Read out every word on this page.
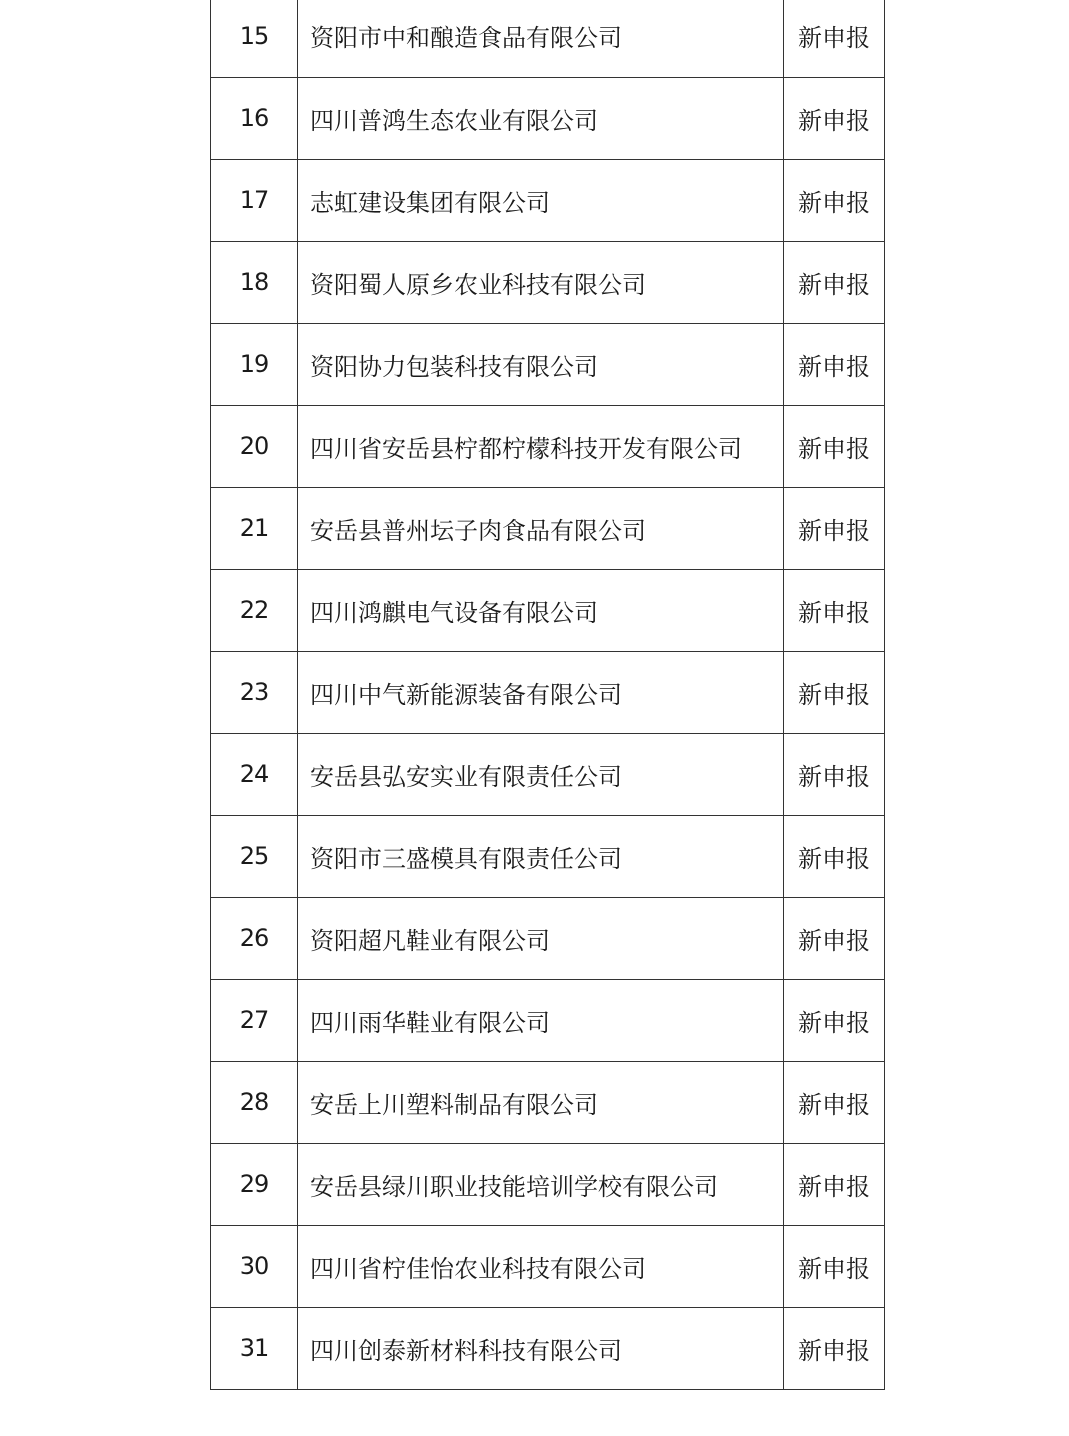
15	资阳市中和酿造食品有限公司	新申报
16	四川普鸿生态农业有限公司	新申报
17	志虹建设集团有限公司	新申报
18	资阳蜀人原乡农业科技有限公司	新申报
19	资阳协力包装科技有限公司	新申报
20	四川省安岳县柠都柠檬科技开发有限公司	新申报
21	安岳县普州坛子肉食品有限公司	新申报
22	四川鸿麒电气设备有限公司	新申报
23	四川中气新能源装备有限公司	新申报
24	安岳县弘安实业有限责任公司	新申报
25	资阳市三盛模具有限责任公司	新申报
26	资阳超凡鞋业有限公司	新申报
27	四川雨华鞋业有限公司	新申报
28	安岳上川塑料制品有限公司	新申报
29	安岳县绿川职业技能培训学校有限公司	新申报
30	四川省柠佳怡农业科技有限公司	新申报
31	四川创泰新材料科技有限公司	新申报
